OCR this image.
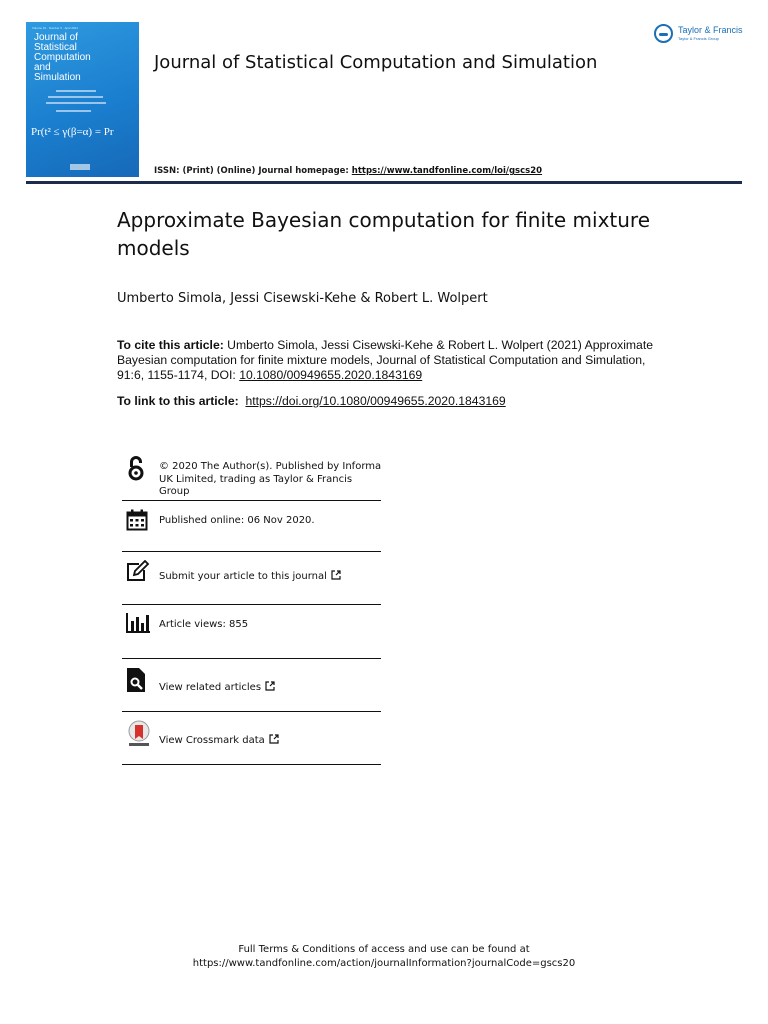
Volume 91 · Number 6 · April 2021
Journal of
Statistical
Computation
and
Simulation
Pr(t² ≤ γ(β=α) = Pr
Journal of Statistical Computation and Simulation
Taylor & Francis
Taylor & Francis Group
ISSN: (Print) (Online) Journal homepage: https://www.tandfonline.com/loi/gscs20
Approximate Bayesian computation for finite mixture models
Umberto Simola, Jessi Cisewski-Kehe & Robert L. Wolpert
To cite this article: Umberto Simola, Jessi Cisewski-Kehe & Robert L. Wolpert (2021) Approximate Bayesian computation for finite mixture models, Journal of Statistical Computation and Simulation, 91:6, 1155-1174, DOI: 10.1080/00949655.2020.1843169
To link to this article: https://doi.org/10.1080/00949655.2020.1843169
© 2020 The Author(s). Published by Informa UK Limited, trading as Taylor & Francis Group
Published online: 06 Nov 2020.
Submit your article to this journal
Article views: 855
View related articles
View Crossmark data
Full Terms & Conditions of access and use can be found at
https://www.tandfonline.com/action/journalInformation?journalCode=gscs20
